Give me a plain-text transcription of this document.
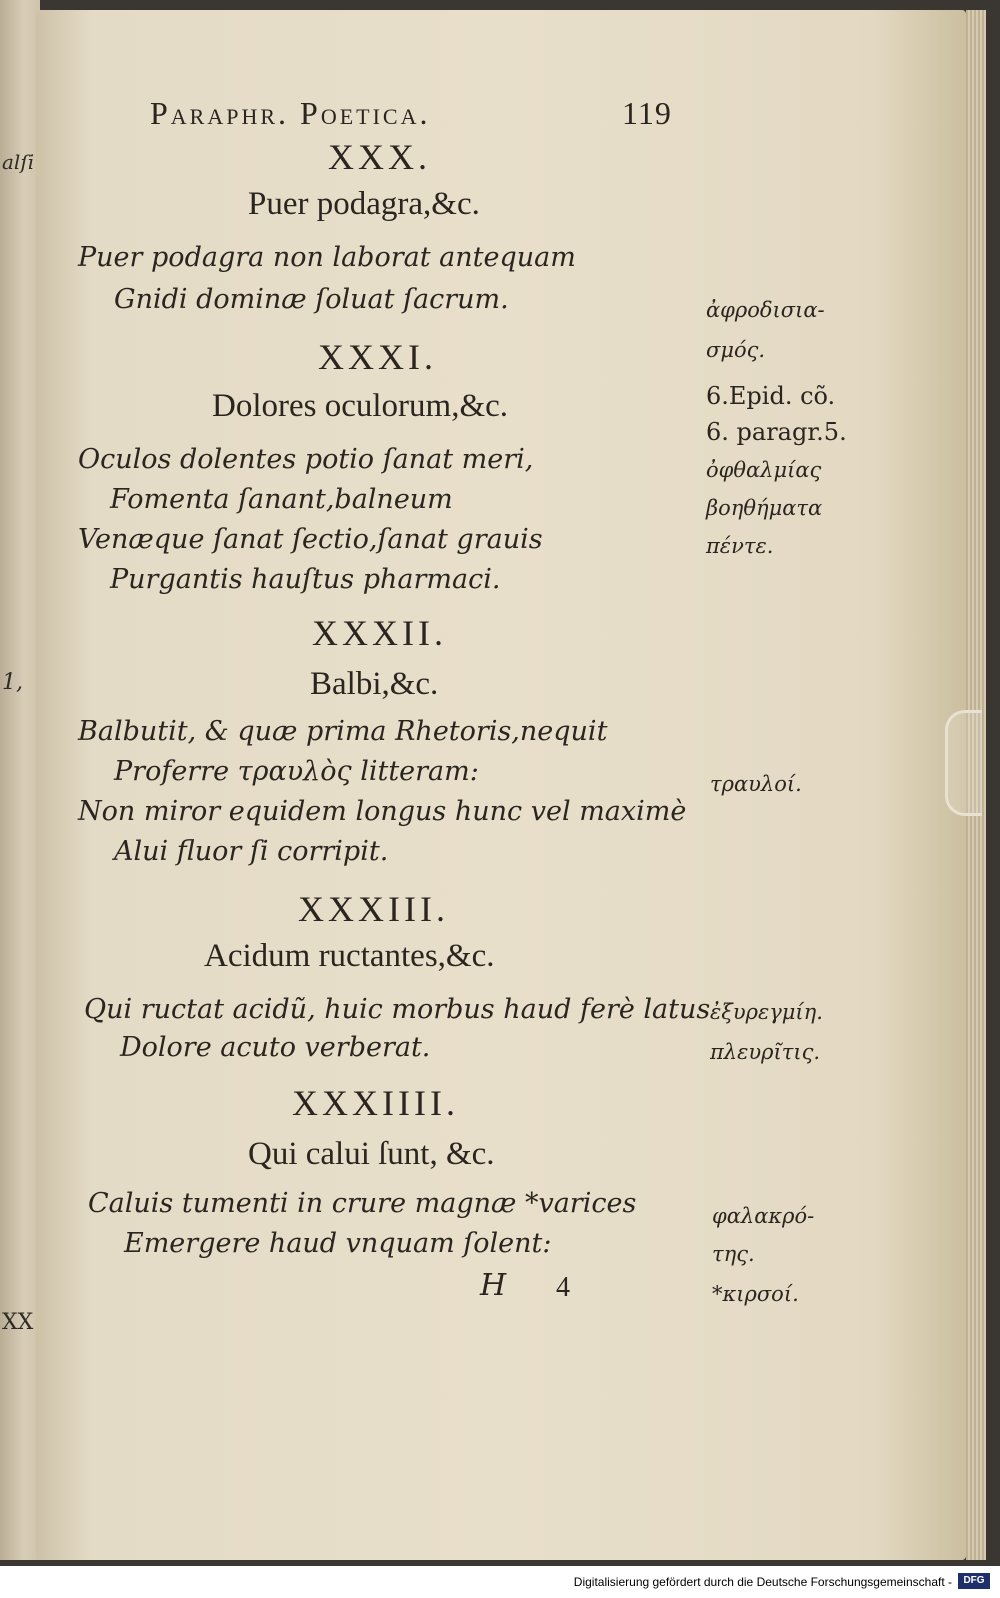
alſi
1,
XX
Paraphr. Poetica.	119
XXX.
Puer podagra,&c.
Puer podagra non laborat antequam
Gnidi dominæ ſoluat ſacrum.
XXXI.
Dolores oculorum,&c.
Oculos dolentes potio ſanat meri,
Fomenta ſanant,balneum
Venæque ſanat ſectio,ſanat grauis
Purgantis hauſtus pharmaci.
XXXII.
Balbi,&c.
Balbutit, & quæ prima Rhetoris,nequit
Proferre τραυλὸς litteram:
Non miror equidem longus hunc vel maximè
Alui fluor ſi corripit.
XXXIII.
Acidum ructantes,&c.
Qui ructat acidũ, huic morbus haud ferè latus
Dolore acuto verberat.
XXXIIII.
Qui calui ſunt, &c.
Caluis tumenti in crure magnæ *varices
Emergere haud vnquam ſolent:
H 4
ἀφροδισια-
σμός.
6.Epid. cõ.
6. paragr.5.
ὀφθαλμίας
βοηθήματα
πέντε.
τραυλοί.
ἐξυρεγμίη.
πλευρῖτις.
φαλακρό-
της.
*κιρσοί.
Digitalisierung gefördert durch die Deutsche Forschungsgemeinschaft -	DFG
